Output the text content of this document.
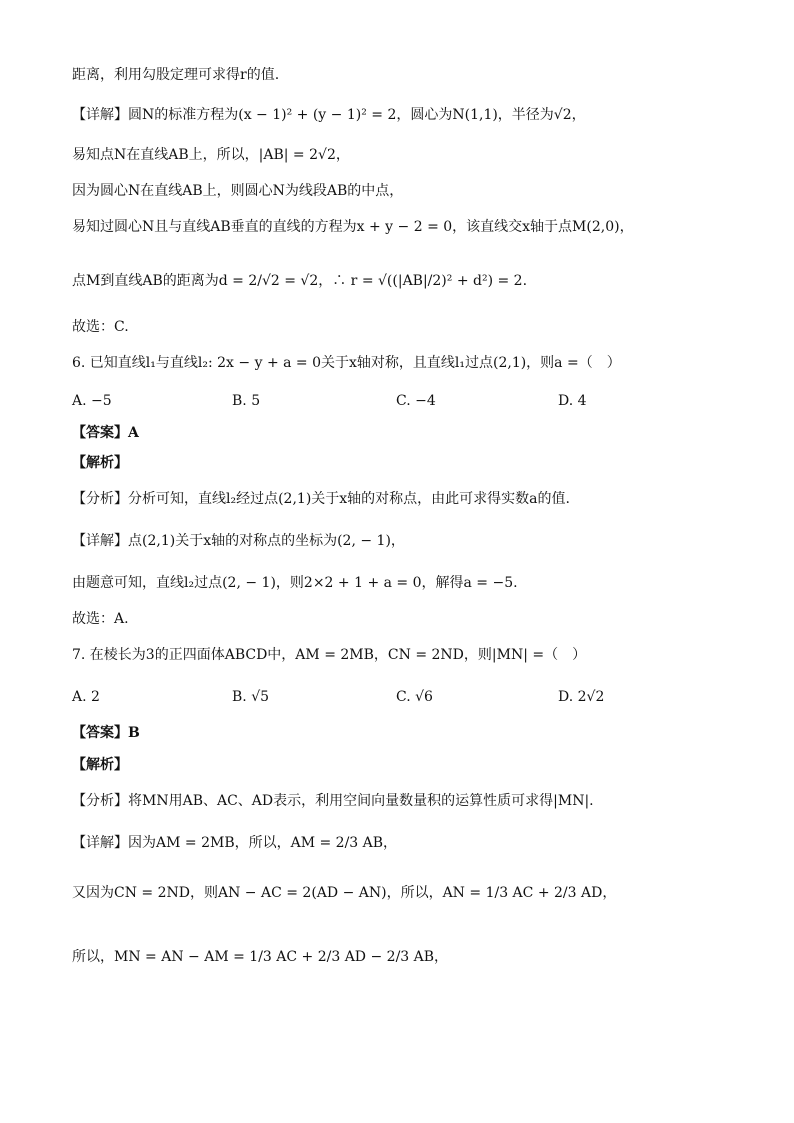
距离，利用勾股定理可求得r的值.
【详解】圆N的标准方程为(x − 1)² + (y − 1)² = 2，圆心为N(1,1)，半径为√2，
易知点N在直线AB上，所以，|AB| = 2√2，
因为圆心N在直线AB上，则圆心N为线段AB的中点，
易知过圆心N且与直线AB垂直的直线的方程为x + y − 2 = 0，该直线交x轴于点M(2,0)，
点M到直线AB的距离为d = 2/√2 = √2，∴ r = √((|AB|/2)² + d²) = 2.
故选：C.
6. 已知直线l₁与直线l₂: 2x − y + a = 0关于x轴对称，且直线l₁过点(2,1)，则a =（　）
A. −5	B. 5	C. −4	D. 4
【答案】A
【解析】
【分析】分析可知，直线l₂经过点(2,1)关于x轴的对称点，由此可求得实数a的值.
【详解】点(2,1)关于x轴的对称点的坐标为(2, − 1)，
由题意可知，直线l₂过点(2, − 1)，则2×2 + 1 + a = 0，解得a = −5.
故选：A.
7. 在棱长为3的正四面体ABCD中，AM = 2MB，CN = 2ND，则|MN| =（　）
A. 2	B. √5	C. √6	D. 2√2
【答案】B
【解析】
【分析】将MN用AB、AC、AD表示，利用空间向量数量积的运算性质可求得|MN|.
【详解】因为AM = 2MB，所以，AM = 2/3 AB，
又因为CN = 2ND，则AN − AC = 2(AD − AN)，所以，AN = 1/3 AC + 2/3 AD，
所以，MN = AN − AM = 1/3 AC + 2/3 AD − 2/3 AB，
